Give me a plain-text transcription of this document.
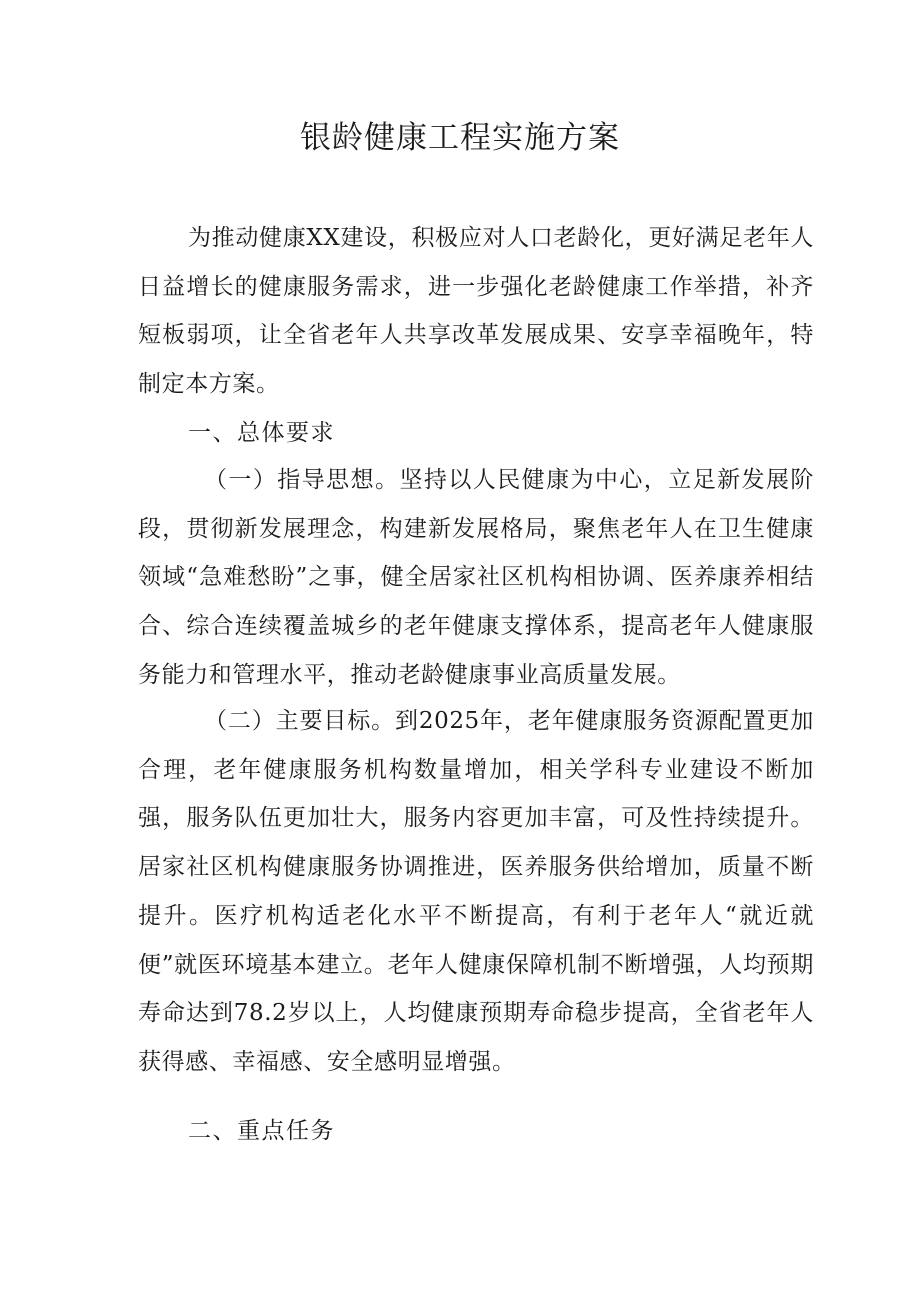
银龄健康工程实施方案

为推动健康XX建设，积极应对人口老龄化，更好满足老年人日益增长的健康服务需求，进一步强化老龄健康工作举措，补齐短板弱项，让全省老年人共享改革发展成果、安享幸福晚年，特制定本方案。

一、总体要求

（一）指导思想。坚持以人民健康为中心，立足新发展阶段，贯彻新发展理念，构建新发展格局，聚焦老年人在卫生健康领域“急难愁盼”之事，健全居家社区机构相协调、医养康养相结合、综合连续覆盖城乡的老年健康支撑体系，提高老年人健康服务能力和管理水平，推动老龄健康事业高质量发展。

（二）主要目标。到2025年，老年健康服务资源配置更加合理，老年健康服务机构数量增加，相关学科专业建设不断加强，服务队伍更加壮大，服务内容更加丰富，可及性持续提升。居家社区机构健康服务协调推进，医养服务供给增加，质量不断提升。医疗机构适老化水平不断提高，有利于老年人“就近就便”就医环境基本建立。老年人健康保障机制不断增强，人均预期寿命达到78.2岁以上，人均健康预期寿命稳步提高，全省老年人获得感、幸福感、安全感明显增强。

二、重点任务
